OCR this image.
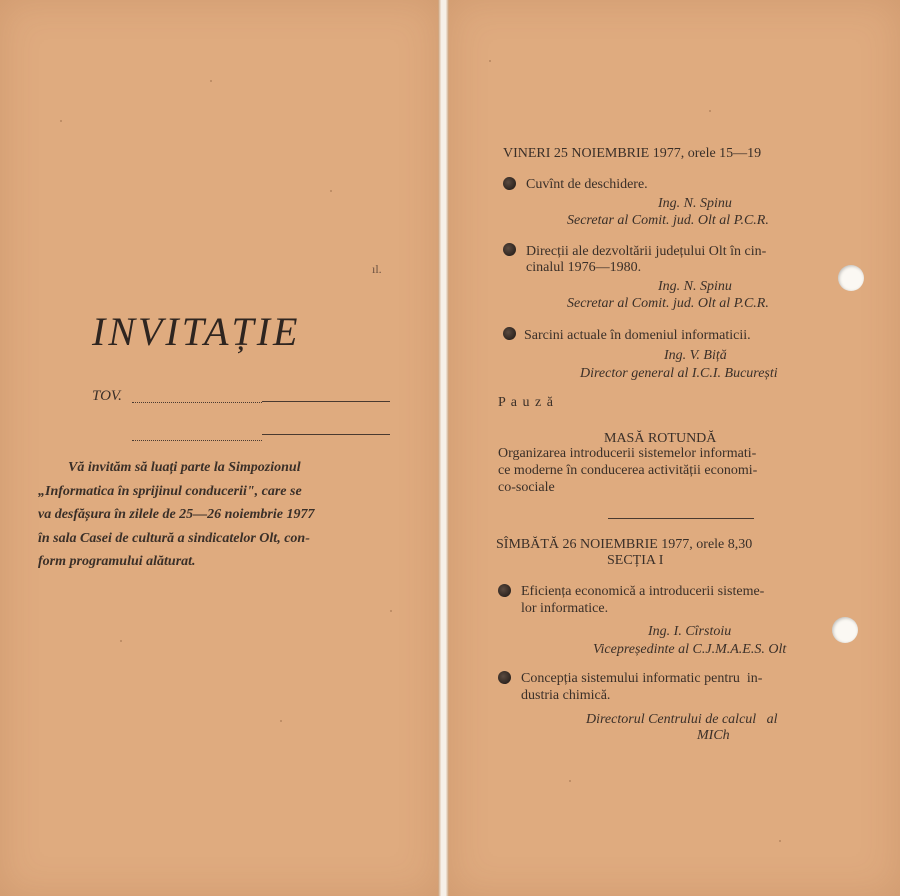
ıl.
INVITAȚIE
TOV.
Vă invităm să luați parte la Simpozionul
„Informatica în sprijinul conducerii", care se
va desfășura în zilele de 25—26 noiembrie 1977
în sala Casei de cultură a sindicatelor Olt, con-
form programului alăturat.
VINERI 25 NOIEMBRIE 1977, orele 15—19
Cuvînt de deschidere.
Ing. N. Spinu
Secretar al Comit. jud. Olt al P.C.R.
Direcții ale dezvoltării județului Olt în cin-
cinalul 1976—1980.
Ing. N. Spinu
Secretar al Comit. jud. Olt al P.C.R.
Sarcini actuale în domeniul informaticii.
Ing. V. Biță
Director general al I.C.I. București
P a u z ă
MASĂ ROTUNDĂ
Organizarea introducerii sistemelor informati-
ce moderne în conducerea activității economi-
co-sociale
SÎMBĂTĂ 26 NOIEMBRIE 1977, orele 8,30
SECȚIA I
Eficiența economică a introducerii sisteme-
lor informatice.
Ing. I. Cîrstoiu
Vicepreședinte al C.J.M.A.E.S. Olt
Concepția sistemului informatic pentru  in-
dustria chimică.
Directorul Centrului de calcul   al
MICh
